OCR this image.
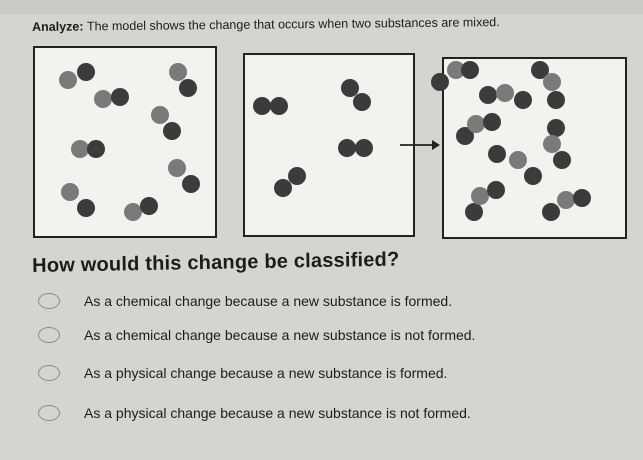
Analyze: The model shows the change that occurs when two substances are mixed.
How would this change be classified?
As a chemical change because a new substance is formed.
As a chemical change because a new substance is not formed.
As a physical change because a new substance is formed.
As a physical change because a new substance is not formed.
